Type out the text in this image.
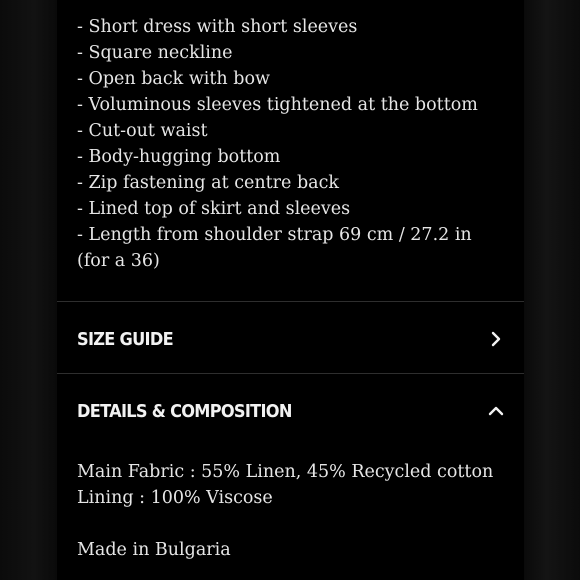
- Short dress with short sleeves
- Square neckline
- Open back with bow
- Voluminous sleeves tightened at the bottom
- Cut-out waist
- Body-hugging bottom
- Zip fastening at centre back
- Lined top of skirt and sleeves
- Length from shoulder strap 69 cm / 27.2 in (for a 36)
SIZE GUIDE
DETAILS & COMPOSITION

Main Fabric : 55% Linen, 45% Recycled cotton

Lining : 100% Viscose

Made in Bulgaria
